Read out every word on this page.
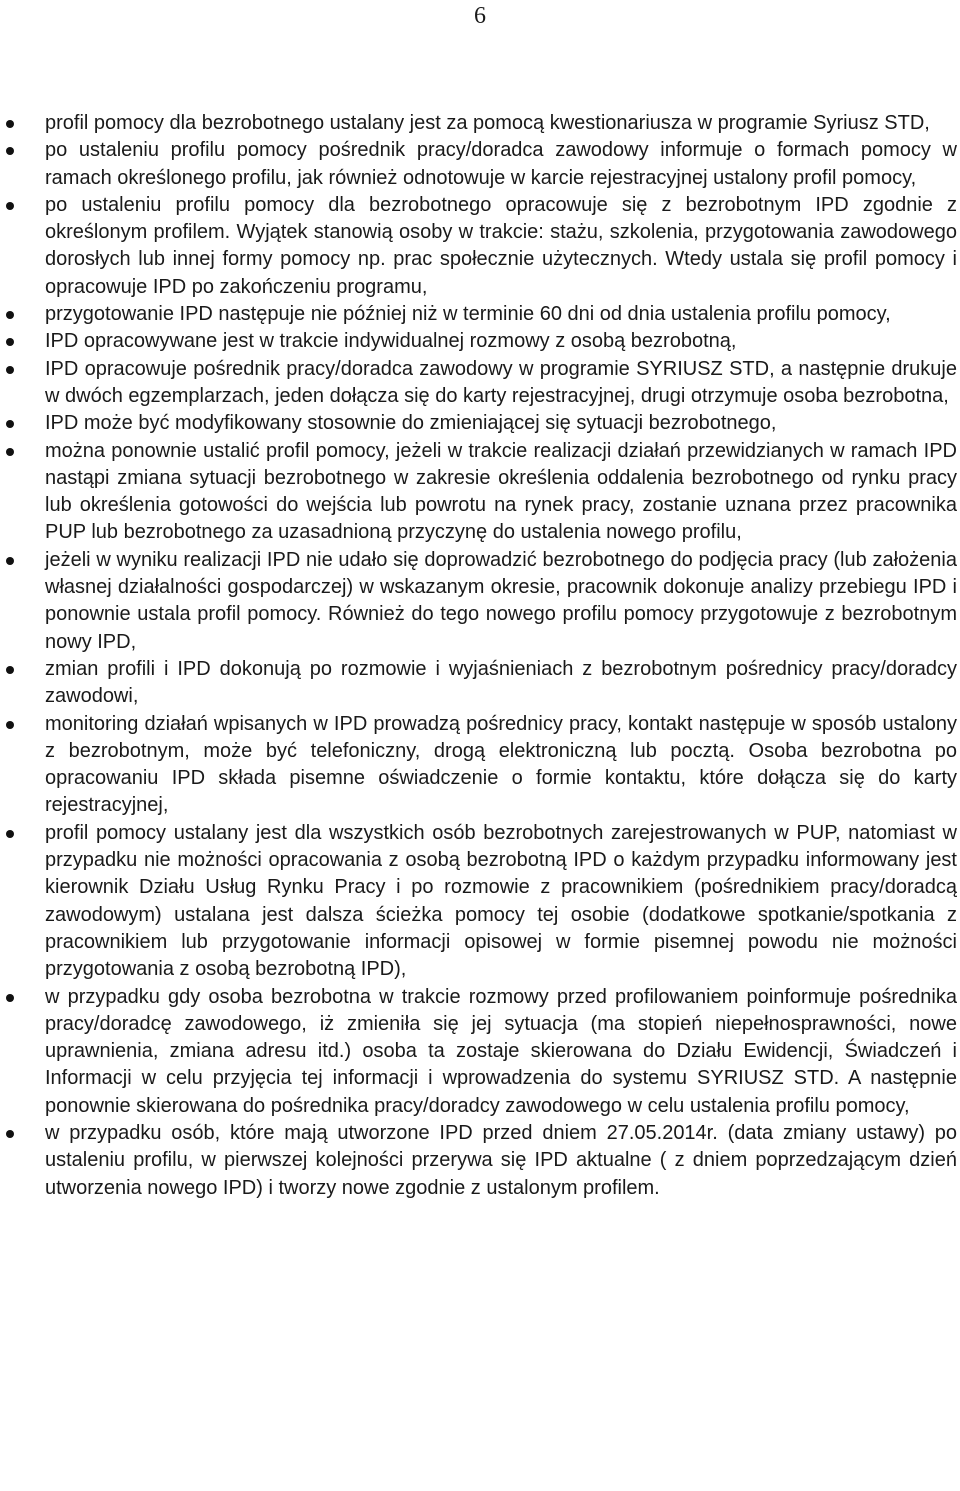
6
profil pomocy dla bezrobotnego ustalany jest za pomocą kwestionariusza w programie Syriusz STD,
po ustaleniu profilu pomocy pośrednik pracy/doradca zawodowy informuje o formach pomocy w ramach określonego profilu, jak również odnotowuje w karcie rejestracyjnej ustalony profil pomocy,
po ustaleniu profilu pomocy dla bezrobotnego opracowuje się z bezrobotnym IPD zgodnie z określonym profilem. Wyjątek stanowią osoby w trakcie: stażu, szkolenia, przygotowania zawodowego dorosłych lub innej formy pomocy np. prac społecznie użytecznych. Wtedy ustala się profil pomocy i opracowuje IPD po zakończeniu programu,
przygotowanie IPD następuje nie później niż w terminie 60 dni od dnia ustalenia profilu pomocy,
IPD opracowywane jest w trakcie indywidualnej rozmowy z osobą bezrobotną,
IPD opracowuje pośrednik pracy/doradca zawodowy w programie SYRIUSZ STD, a następnie drukuje w dwóch egzemplarzach, jeden dołącza się do karty rejestracyjnej, drugi otrzymuje osoba bezrobotna,
IPD może być modyfikowany stosownie do zmieniającej się sytuacji bezrobotnego,
można ponownie ustalić profil pomocy, jeżeli w trakcie realizacji działań przewidzianych w ramach IPD nastąpi zmiana sytuacji bezrobotnego w zakresie określenia oddalenia bezrobotnego od rynku pracy lub określenia gotowości do wejścia lub powrotu na rynek pracy, zostanie uznana przez pracownika PUP lub bezrobotnego za uzasadnioną przyczynę do ustalenia nowego profilu,
jeżeli w wyniku realizacji IPD nie udało się doprowadzić bezrobotnego do podjęcia pracy (lub założenia własnej działalności gospodarczej) w wskazanym okresie, pracownik dokonuje analizy przebiegu IPD i ponownie ustala profil pomocy. Również do tego nowego profilu pomocy przygotowuje z bezrobotnym nowy IPD,
zmian profili i IPD dokonują po rozmowie i wyjaśnieniach z bezrobotnym pośrednicy pracy/doradcy zawodowi,
monitoring działań wpisanych w IPD prowadzą pośrednicy pracy, kontakt następuje w sposób ustalony z bezrobotnym, może być telefoniczny, drogą elektroniczną lub pocztą. Osoba bezrobotna po opracowaniu IPD składa pisemne oświadczenie o formie kontaktu, które dołącza się do karty rejestracyjnej,
profil pomocy ustalany jest dla wszystkich osób bezrobotnych zarejestrowanych w PUP, natomiast w przypadku nie możności opracowania z osobą bezrobotną IPD o każdym przypadku informowany jest kierownik Działu Usług Rynku Pracy i po rozmowie z pracownikiem (pośrednikiem pracy/doradcą zawodowym) ustalana jest dalsza ścieżka pomocy tej osobie (dodatkowe spotkanie/spotkania z pracownikiem lub przygotowanie informacji opisowej w formie pisemnej powodu nie możności przygotowania z osobą bezrobotną IPD),
w przypadku gdy osoba bezrobotna w trakcie rozmowy przed profilowaniem poinformuje pośrednika pracy/doradcę zawodowego, iż zmieniła się jej sytuacja (ma stopień niepełnosprawności, nowe uprawnienia, zmiana adresu itd.) osoba ta zostaje skierowana do Działu Ewidencji, Świadczeń i Informacji w celu przyjęcia tej informacji i wprowadzenia do systemu SYRIUSZ STD. A następnie ponownie skierowana do pośrednika pracy/doradcy zawodowego w celu ustalenia profilu pomocy,
w przypadku osób, które mają utworzone IPD przed dniem 27.05.2014r. (data zmiany ustawy) po ustaleniu profilu, w pierwszej kolejności przerywa się IPD aktualne ( z dniem poprzedzającym dzień utworzenia nowego IPD) i tworzy nowe zgodnie z ustalonym profilem.
